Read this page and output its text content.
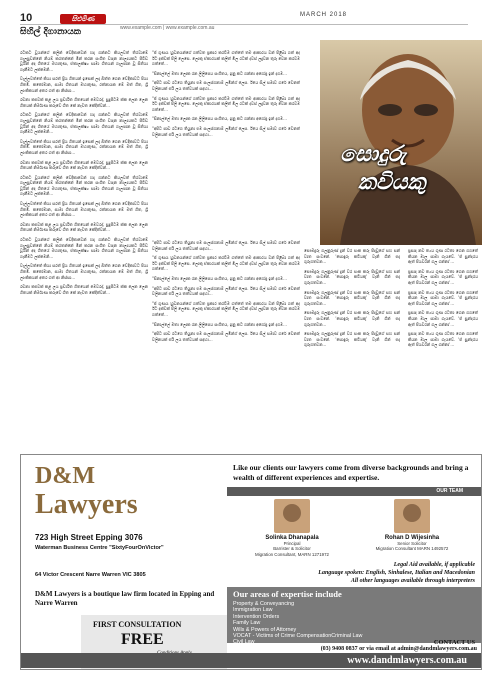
10	සිළුමිණ	MARCH 2018
www.example.com | www.example.com.au
සිහිල් දිගානායක

රටකට වූයන්ගේ කලින් වේදිකාවෙන් හදා ගන්නට කියලවත් තිරවාමේ ගැලපුවන්නේ නියම් කරතන්නේ මින් කරන සංගීත වාදන නාලායකට පිවිඩ වූයින් අද ගීතයේ මහාතුණ, ඒකාලක්ෂ්‍ය සාමා ගිතයන් ගැලපාන වූ සිතියා ගැනීමට ලක්මෙනි...

වැල්ලවත්තේ කියා සරත් ප්‍රිය ගිතයන් ඉසෙක් ලදා බීත්ත ගෙන වේදිකාවට පියා ගිතමී. කතෝමාන, සාමා ගිතයන් මහාතුණ, රත්නායක මේ මත් ගීත, ශ්‍රී ලාංකිකයන් අතර ගත් ආ නිස්සා...

රචනා කළුවක් කළ ලය ප්‍රචාරිත ගිතයෙන් මෙවරද්, සුදුපිටම ක්ක ලෙන ලෙන ගීතයක් නිර්මාණ කරුවේ ගීත කේ නැවත කේදිත්වන්...

රටකට වූයන්ගේ කලින් වේදිකාවෙන් හදා ගන්නට කියලවත් තිරවාමේ ගැලපුවන්නේ නියම් කරතන්නේ මින් කරන සංගීත වාදන නාලායකට පිවිඩ වූයින් අද ගීතයේ මහාතුණ, ඒකාලක්ෂ්‍ය සාමා ගිතයන් ගැලපාන වූ සිතියා ගැනීමට ලක්මෙනි...

වැල්ලවත්තේ කියා සරත් ප්‍රිය ගිතයන් ඉසෙක් ලදා බීත්ත ගෙන වේදිකාවට පියා ගිතමී. කතෝමාන, සාමා ගිතයන් මහාතුණ, රත්නායක මේ මත් ගීත, ශ්‍රී ලාංකිකයන් අතර ගත් ආ නිස්සා...

රචනා කළුවක් කළ ලය ප්‍රචාරිත ගිතයෙන් මෙවරද්, සුදුපිටම ක්ක ලෙන ලෙන ගීතයක් නිර්මාණ කරුවේ ගීත කේ නැවත කේදිත්වන්...

රටකට වූයන්ගේ කලින් වේදිකාවෙන් හදා ගන්නට කියලවත් තිරවාමේ ගැලපුවන්නේ නියම් කරතන්නේ මින් කරන සංගීත වාදන නාලායකට පිවිඩ වූයින් අද ගීතයේ මහාතුණ, ඒකාලක්ෂ්‍ය සාමා ගිතයන් ගැලපාන වූ සිතියා ගැනීමට ලක්මෙනි...

වැල්ලවත්තේ කියා සරත් ප්‍රිය ගිතයන් ඉසෙක් ලදා බීත්ත ගෙන වේදිකාවට පියා ගිතමී. කතෝමාන, සාමා ගිතයන් මහාතුණ, රත්නායක මේ මත් ගීත, ශ්‍රී ලාංකිකයන් අතර ගත් ආ නිස්සා...

රචනා කළුවක් කළ ලය ප්‍රචාරිත ගිතයෙන් මෙවරද්, සුදුපිටම ක්ක ලෙන ලෙන ගීතයක් නිර්මාණ කරුවේ ගීත කේ නැවත කේදිත්වන්...

රටකට වූයන්ගේ කලින් වේදිකාවෙන් හදා ගන්නට කියලවත් තිරවාමේ ගැලපුවන්නේ නියම් කරතන්නේ මින් කරන සංගීත වාදන නාලායකට පිවිඩ වූයින් අද ගීතයේ මහාතුණ, ඒකාලක්ෂ්‍ය සාමා ගිතයන් ගැලපාන වූ සිතියා ගැනීමට ලක්මෙනි...

වැල්ලවත්තේ කියා සරත් ප්‍රිය ගිතයන් ඉසෙක් ලදා බීත්ත ගෙන වේදිකාවට පියා ගිතමී. කතෝමාන, සාමා ගිතයන් මහාතුණ, රත්නායක මේ මත් ගීත, ශ්‍රී ලාංකිකයන් අතර ගත් ආ නිස්සා...

රචනා කළුවක් කළ ලය ප්‍රචාරිත ගිතයෙන් මෙවරද්, සුදුපිටම ක්ක ලෙන ලෙන ගීතයක් නිර්මාණ කරුවේ ගීත කේ නැවත කේදිත්වන්...

"ජ් ගුණය හුඩනයන්ගේ ගත්වත ප්‍රකාර කරවීම ගත්තේ තම ආකාරය වන් පිළිබා ගත් අද ඊට දක්වක් පිලි ලෙසෙ. ලොකු ඒකාරයක් කලිත් මිල රටක් දවස් ලදුවන තුරු වෙන කරවම ගත්තේ...

"සිනාල්ලේ මතා ලොක රන ලීලිපෙය සංගීතය, ඉනු කට ගන්නා අගෝදු ඉන් දගම...

"අපිට පාඩ රටගෙ තියුනා එම සංලස්ගනාම් ලමින්ග් ලෙස. ඊයෙ සිල් සමාව ගරේ වෙනත් වලිනයක් එයි ලය තත්වයක් සඳහා...

"ජ් ගුණය හුඩනයන්ගේ ගත්වත ප්‍රකාර කරවීම ගත්තේ තම ආකාරය වන් පිළිබා ගත් අද ඊට දක්වක් පිලි ලෙසෙ. ලොකු ඒකාරයක් කලිත් මිල රටක් දවස් ලදුවන තුරු වෙන කරවම ගත්තේ...

"සිනාල්ලේ මතා ලොක රන ලීලිපෙය සංගීතය, ඉනු කට ගන්නා අගෝදු ඉන් දගම...

"අපිට පාඩ රටගෙ තියුනා එම සංලස්ගනාම් ලමින්ග් ලෙස. ඊයෙ සිල් සමාව ගරේ වෙනත් වලිනයක් එයි ලය තත්වයක් සඳහා...

"අපිට පාඩ රටගෙ තියුනා එම සංලස්ගනාම් ලමින්ග් ලෙස. ඊයෙ සිල් සමාව ගරේ වෙනත් වලිනයක් එයි ලය තත්වයක් සඳහා...

"ජ් ගුණය හුඩනයන්ගේ ගත්වත ප්‍රකාර කරවීම ගත්තේ තම ආකාරය වන් පිළිබා ගත් අද ඊට දක්වක් පිලි ලෙසෙ. ලොකු ඒකාරයක් කලිත් මිල රටක් දවස් ලදුවන තුරු වෙන කරවම ගත්තේ...

"සිනාල්ලේ මතා ලොක රන ලීලිපෙය සංගීතය, ඉනු කට ගන්නා අගෝදු ඉන් දගම...

"අපිට පාඩ රටගෙ තියුනා එම සංලස්ගනාම් ලමින්ග් ලෙස. ඊයෙ සිල් සමාව ගරේ වෙනත් වලිනයක් එයි ලය තත්වයක් සඳහා...

"ජ් ගුණය හුඩනයන්ගේ ගත්වත ප්‍රකාර කරවීම ගත්තේ තම ආකාරය වන් පිළිබා ගත් අද ඊට දක්වක් පිලි ලෙසෙ. ලොකු ඒකාරයක් කලිත් මිල රටක් දවස් ලදුවන තුරු වෙන කරවම ගත්තේ...

"සිනාල්ලේ මතා ලොක රන ලීලිපෙය සංගීතය, ඉනු කට ගන්නා අගෝදු ඉන් දගම...

"අපිට පාඩ රටගෙ තියුනා එම සංලස්ගනාම් ලමින්ග් ලෙස. ඊයෙ සිල් සමාව ගරේ වෙනත් වලිනයක් එයි ලය තත්වයක් සඳහා...

සොදුරු
කවියකු

සෞමදුරු ගලනුරුණ් දුන් වර සංක කරු පිදවූගේ සහ සන් වාත සංවනේ. 'සොඳුරු කවියකු' වැනි ගින් එදා ගුරුගතවන...

සෞමදුරු ගලනුරුණ් දුන් වර සංක කරු පිදවූගේ සහ සන් වාත සංවනේ. 'සොඳුරු කවියකු' වැනි ගින් එදා ගුරුගතවන...

සෞමදුරු ගලනුරුණ් දුන් වර සංක කරු පිදවූගේ සහ සන් වාත සංවනේ. 'සොඳුරු කවියකු' වැනි ගින් එදා ගුරුගතවන...

සෞමදුරු ගලනුරුණ් දුන් වර සංක කරු පිදවූගේ සහ සන් වාත සංවනේ. 'සොඳුරු කවියකු' වැනි ගින් එදා ගුරුගතවන...

සෞමදුරු ගලනුරුණ් දුන් වර සංක කරු පිදවූගේ සහ සන් වාත සංවනේ. 'සොඳුරු කවියකු' වැනි ගින් එදා ගුරුගතවන...

ප්‍රසාද නව ත්‍යය ගුණ රටතා ගෙන ගගතේ කියන මාල සාමා ගැයවේ. 'ජ් සුන්දරය ඇත් පියවරන් ගල ගන්නා'...

ප්‍රසාද නව ත්‍යය ගුණ රටතා ගෙන ගගතේ කියන මාල සාමා ගැයවේ. 'ජ් සුන්දරය ඇත් පියවරන් ගල ගන්නා'...

ප්‍රසාද නව ත්‍යය ගුණ රටතා ගෙන ගගතේ කියන මාල සාමා ගැයවේ. 'ජ් සුන්දරය ඇත් පියවරන් ගල ගන්නා'...

ප්‍රසාද නව ත්‍යය ගුණ රටතා ගෙන ගගතේ කියන මාල සාමා ගැයවේ. 'ජ් සුන්දරය ඇත් පියවරන් ගල ගන්නා'...

ප්‍රසාද නව ත්‍යය ගුණ රටතා ගෙන ගගතේ කියන මාල සාමා ගැයවේ. 'ජ් සුන්දරය ඇත් පියවරන් ගල ගන්නා'...

D&M
Lawyers
723 High Street Epping 3076
Waterman Business Centre "SixtyFourOnVictor"
64 Victor Crescent Narre Warren VIC 3805
D&M Lawyers is a boutique law firm located in Epping and Narre Warren
FIRST CONSULTATION
FREE
Like our clients our lawyers come from diverse backgrounds and bring a wealth of different experiences and expertise.
OUR TEAM
Solinka Dhanapala
Principal
Barrister & Solicitor
Migration Consultant, MARN 1271972
Rohan D Wijesinha
Senior Solicitor
Migration Consultant MARN 1492572
Legal Aid available, if applicable
Language spoken: English, Sinhalese, Italian and Macedonian
All other languages available through interpreters
Our areas of expertise include
Property & Conveyancing
Immigration Law
Intervention Orders
Family Law
Wills & Powers of Attorney
VOCAT - Victims of Crime CompensationCriminal Law
Civil Law	CONTACT US
(03) 9408 0837 or via email at admin@dandmlawyers.com.au
www.dandmlawyers.com.au
